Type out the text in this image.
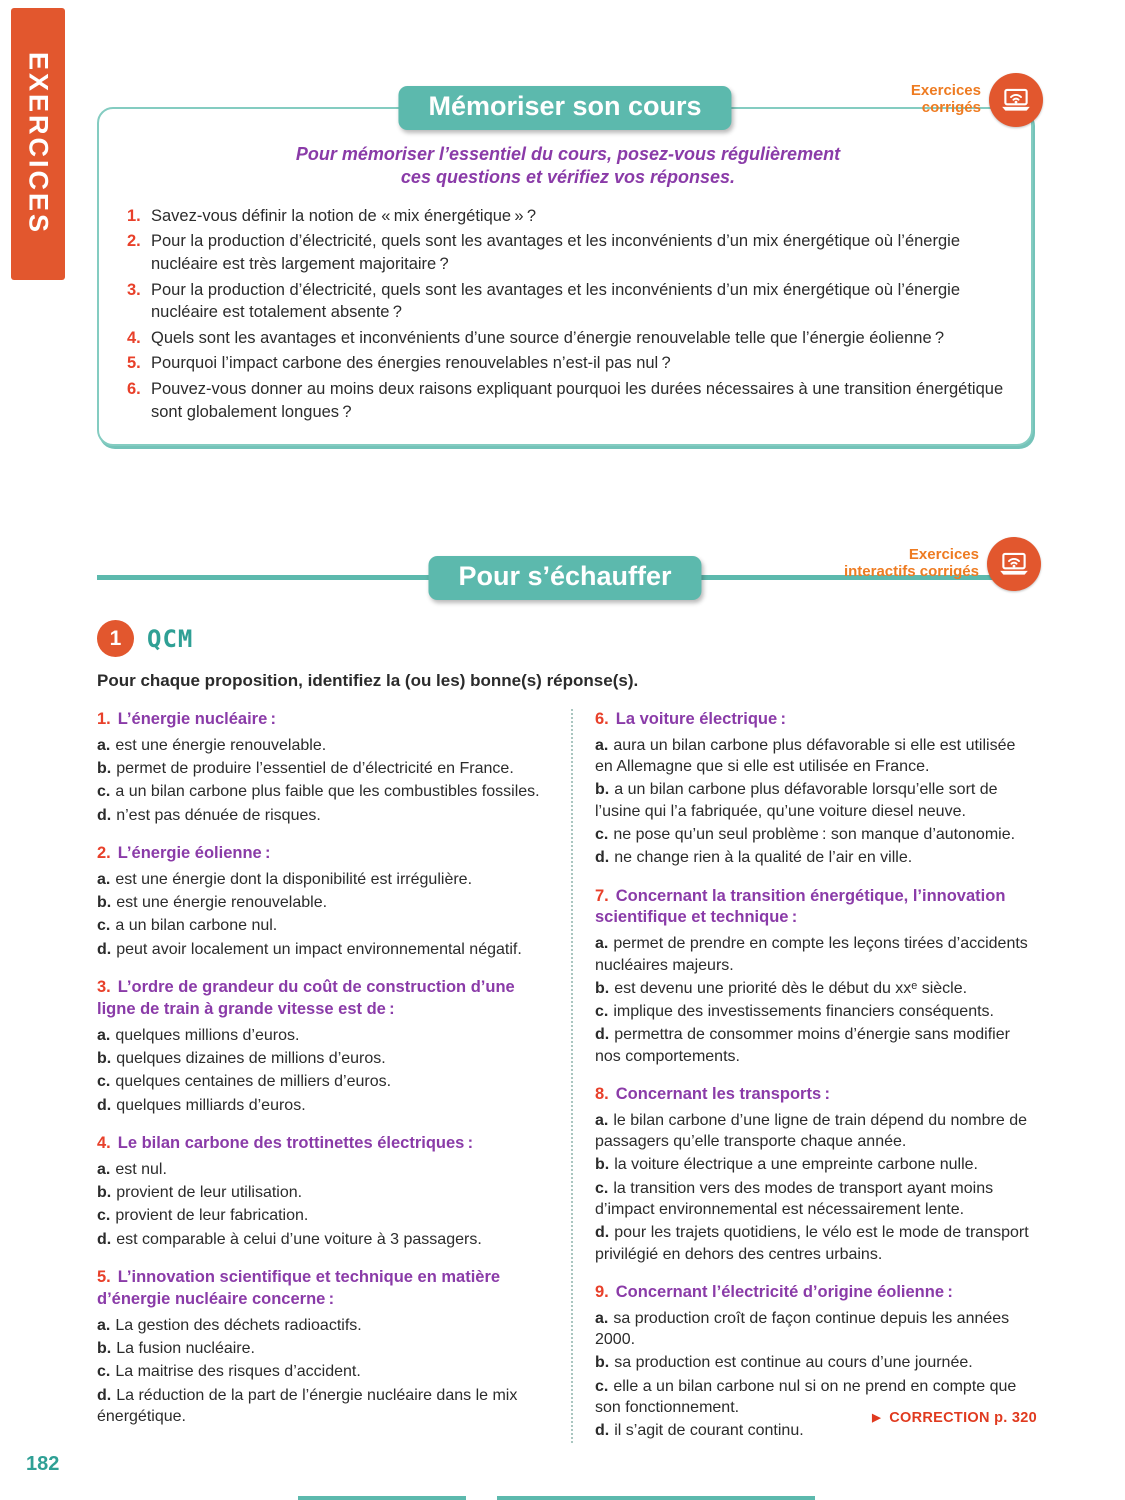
EXERCICES	Mémoriser son cours
Exercices
corrigés

Pour mémoriser l’essentiel du cours, posez-vous régulièrement
ces questions et vérifiez vos réponses.

1. Savez-vous définir la notion de « mix énergétique » ?
2. Pour la production d’électricité, quels sont les avantages et les inconvénients d’un mix énergétique où l’énergie nucléaire est très largement majoritaire ?
3. Pour la production d’électricité, quels sont les avantages et les inconvénients d’un mix énergétique où l’énergie nucléaire est totalement absente ?
4. Quels sont les avantages et inconvénients d’une source d’énergie renouvelable telle que l’énergie éolienne ?
5. Pourquoi l’impact carbone des énergies renouvelables n’est-il pas nul ?
6. Pouvez-vous donner au moins deux raisons expliquant pourquoi les durées nécessaires à une transition énergétique sont globalement longues ?
Pour s’échauffer
Exercices
interactifs corrigés
1 QCM

Pour chaque proposition, identifiez la (ou les) bonne(s) réponse(s).

1. L’énergie nucléaire :
a. est une énergie renouvelable.
b. permet de produire l’essentiel de d’électricité en France.
c. a un bilan carbone plus faible que les combustibles fossiles.
d. n’est pas dénuée de risques.
2. L’énergie éolienne :
a. est une énergie dont la disponibilité est irrégulière.
b. est une énergie renouvelable.
c. a un bilan carbone nul.
d. peut avoir localement un impact environnemental négatif.
3. L’ordre de grandeur du coût de construction d’une ligne de train à grande vitesse est de :
a. quelques millions d’euros.
b. quelques dizaines de millions d’euros.
c. quelques centaines de milliers d’euros.
d. quelques milliards d’euros.
4. Le bilan carbone des trottinettes électriques :
a. est nul.
b. provient de leur utilisation.
c. provient de leur fabrication.
d. est comparable à celui d’une voiture à 3 passagers.
5. L’innovation scientifique et technique en matière d’énergie nucléaire concerne :
a. La gestion des déchets radioactifs.
b. La fusion nucléaire.
c. La maitrise des risques d’accident.
d. La réduction de la part de l’énergie nucléaire dans le mix énergétique.
6. La voiture électrique :
a. aura un bilan carbone plus défavorable si elle est utilisée en Allemagne que si elle est utilisée en France.
b. a un bilan carbone plus défavorable lorsqu’elle sort de l’usine qui l’a fabriquée, qu’une voiture diesel neuve.
c. ne pose qu’un seul problème : son manque d’autonomie.
d. ne change rien à la qualité de l’air en ville.
7. Concernant la transition énergétique, l’innovation scientifique et technique :
a. permet de prendre en compte les leçons tirées d’accidents nucléaires majeurs.
b. est devenu une priorité dès le début du xxᵉ siècle.
c. implique des investissements financiers conséquents.
d. permettra de consommer moins d’énergie sans modifier nos comportements.
8. Concernant les transports :
a. le bilan carbone d’une ligne de train dépend du nombre de passagers qu’elle transporte chaque année.
b. la voiture électrique a une empreinte carbone nulle.
c. la transition vers des modes de transport ayant moins d’impact environnemental est nécessairement lente.
d. pour les trajets quotidiens, le vélo est le mode de transport privilégié en dehors des centres urbains.
9. Concernant l’électricité d’origine éolienne :
a. sa production croît de façon continue depuis les années 2000.
b. sa production est continue au cours d’une journée.
c. elle a un bilan carbone nul si on ne prend en compte que son fonctionnement.
d. il s’agit de courant continu.
▶ CORRECTION p. 320
182
